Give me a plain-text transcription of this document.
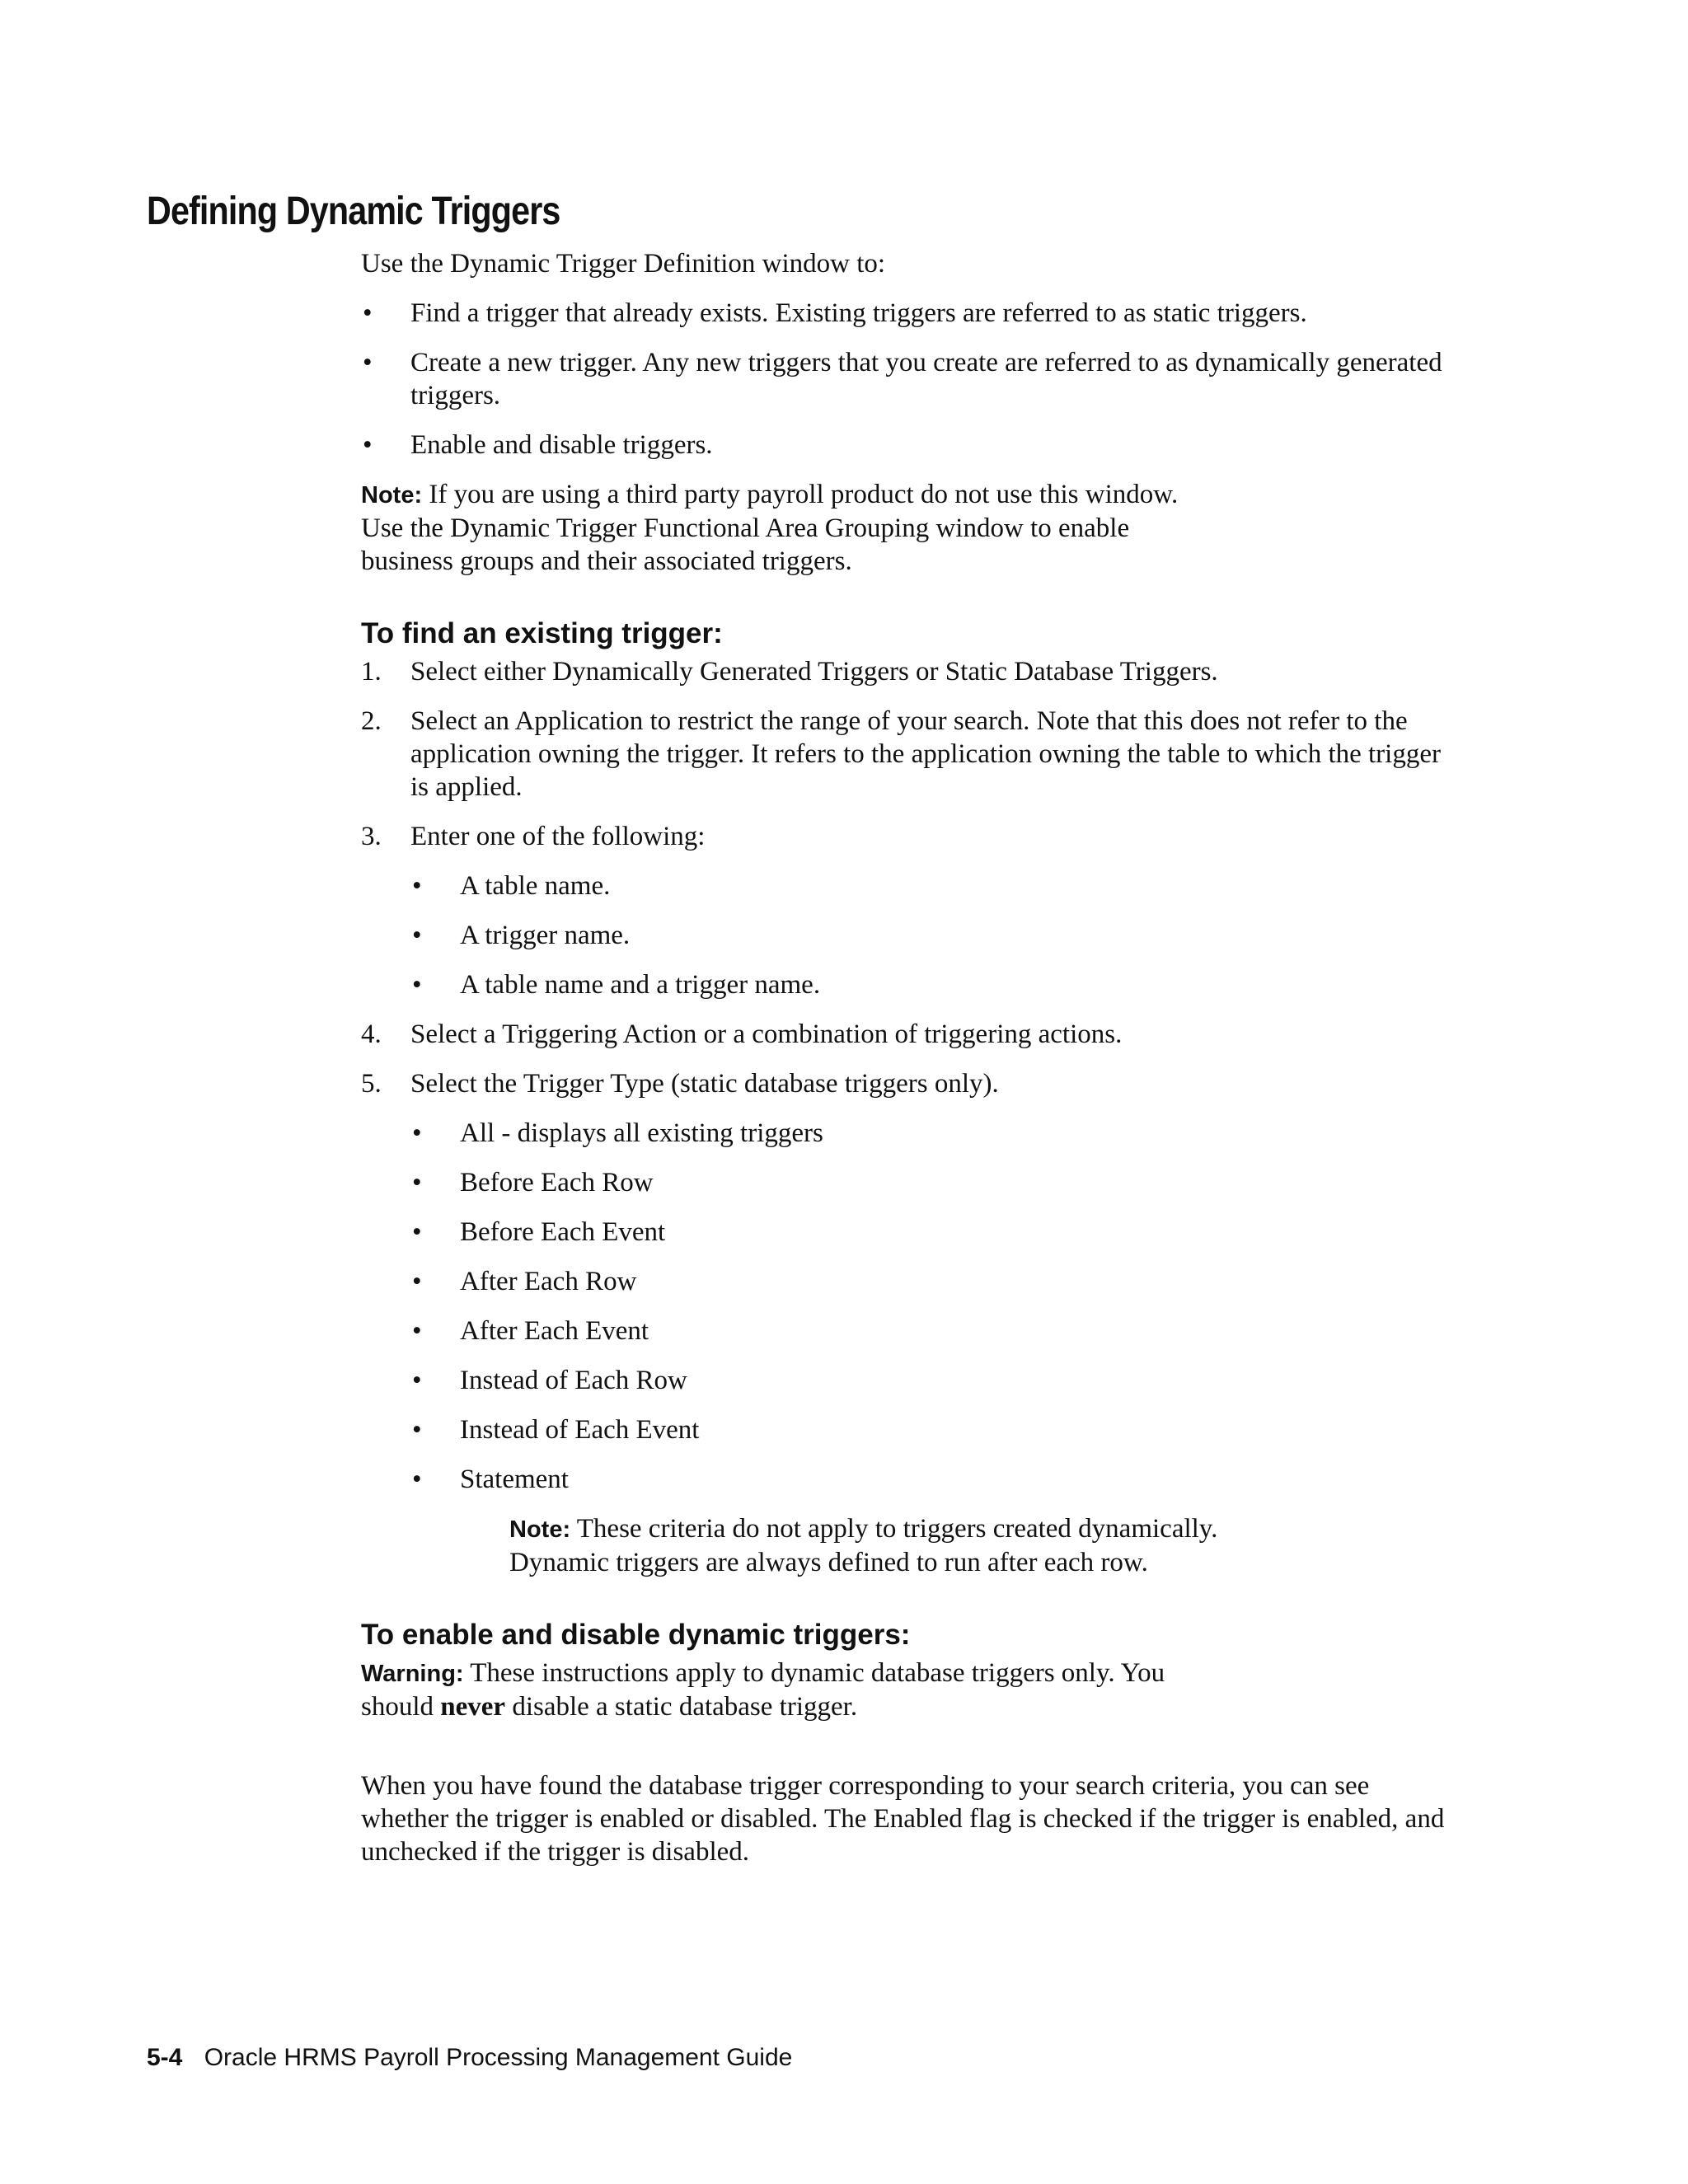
Defining Dynamic Triggers

Use the Dynamic Trigger Definition window to:

• Find a trigger that already exists. Existing triggers are referred to as static triggers.
• Create a new trigger. Any new triggers that you create are referred to as dynamically generated triggers.
• Enable and disable triggers.

Note: If you are using a third party payroll product do not use this window. Use the Dynamic Trigger Functional Area Grouping window to enable business groups and their associated triggers.

To find an existing trigger:
1. Select either Dynamically Generated Triggers or Static Database Triggers.
2. Select an Application to restrict the range of your search. Note that this does not refer to the application owning the trigger. It refers to the application owning the table to which the trigger is applied.
3. Enter one of the following:
• A table name.
• A trigger name.
• A table name and a trigger name.
4. Select a Triggering Action or a combination of triggering actions.
5. Select the Trigger Type (static database triggers only).
• All - displays all existing triggers
• Before Each Row
• Before Each Event
• After Each Row
• After Each Event
• Instead of Each Row
• Instead of Each Event
• Statement

Note: These criteria do not apply to triggers created dynamically. Dynamic triggers are always defined to run after each row.

To enable and disable dynamic triggers:

Warning: These instructions apply to dynamic database triggers only. You should never disable a static database trigger.

When you have found the database trigger corresponding to your search criteria, you can see whether the trigger is enabled or disabled. The Enabled flag is checked if the trigger is enabled, and unchecked if the trigger is disabled.

5-4 Oracle HRMS Payroll Processing Management Guide
